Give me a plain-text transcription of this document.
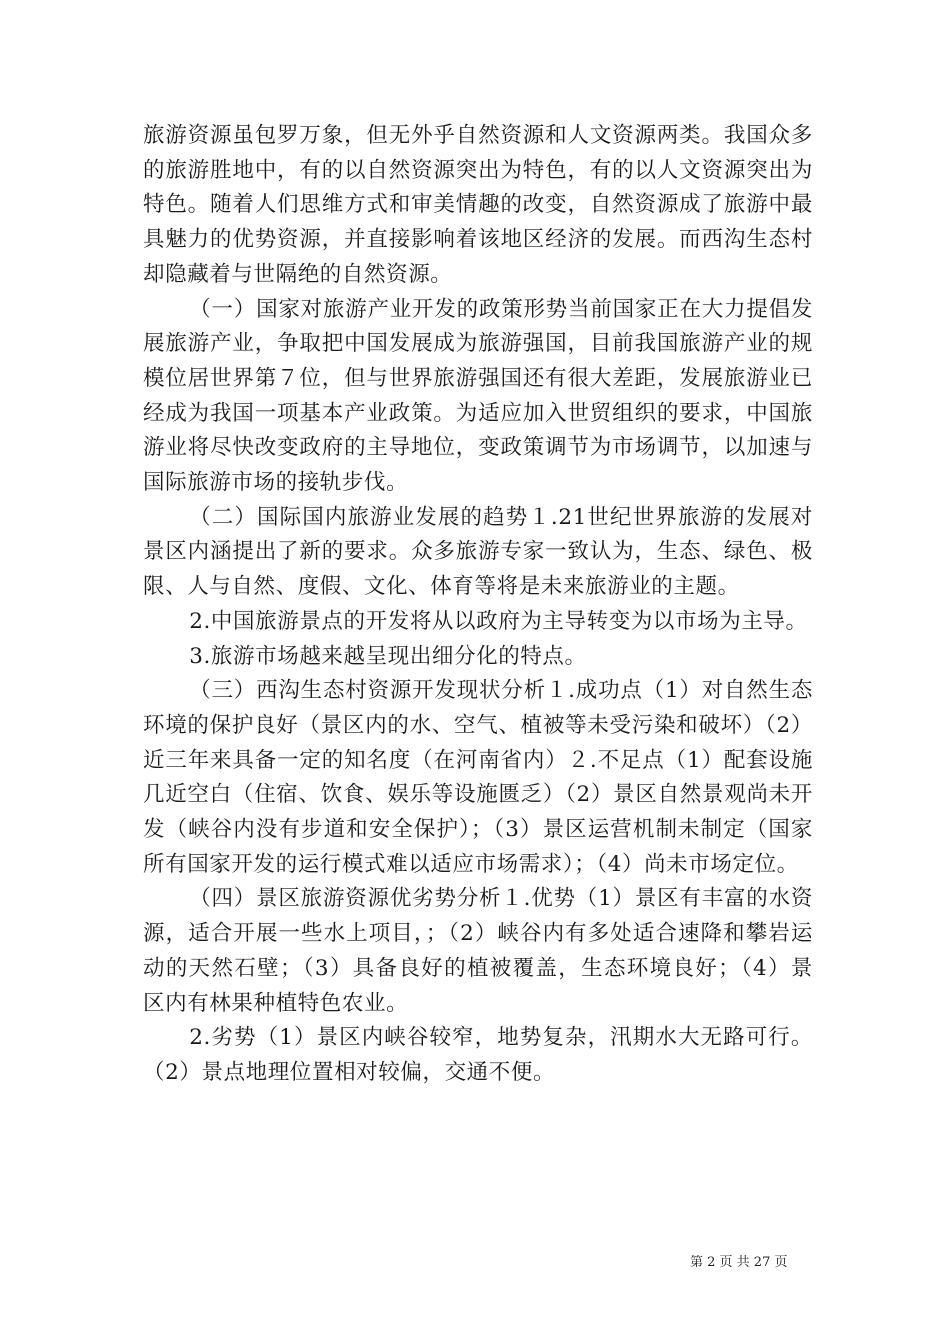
旅游资源虽包罗万象，但无外乎自然资源和人文资源两类。我国众多的旅游胜地中，有的以自然资源突出为特色，有的以人文资源突出为特色。随着人们思维方式和审美情趣的改变，自然资源成了旅游中最具魅力的优势资源，并直接影响着该地区经济的发展。而西沟生态村却隐藏着与世隔绝的自然资源。

（一）国家对旅游产业开发的政策形势当前国家正在大力提倡发展旅游产业，争取把中国发展成为旅游强国，目前我国旅游产业的规模位居世界第７位，但与世界旅游强国还有很大差距，发展旅游业已经成为我国一项基本产业政策。为适应加入世贸组织的要求，中国旅游业将尽快改变政府的主导地位，变政策调节为市场调节，以加速与国际旅游市场的接轨步伐。

（二）国际国内旅游业发展的趋势１.21世纪世界旅游的发展对景区内涵提出了新的要求。众多旅游专家一致认为，生态、绿色、极限、人与自然、度假、文化、体育等将是未来旅游业的主题。

2.中国旅游景点的开发将从以政府为主导转变为以市场为主导。

3.旅游市场越来越呈现出细分化的特点。

（三）西沟生态村资源开发现状分析１.成功点（1）对自然生态环境的保护良好（景区内的水、空气、植被等未受污染和破坏）（2）近三年来具备一定的知名度（在河南省内）２.不足点（1）配套设施几近空白（住宿、饮食、娱乐等设施匮乏）（2）景区自然景观尚未开发（峡谷内没有步道和安全保护）；（3）景区运营机制未制定（国家所有国家开发的运行模式难以适应市场需求）；（4）尚未市场定位。

（四）景区旅游资源优劣势分析１.优势（1）景区有丰富的水资源，适合开展一些水上项目，；（2）峡谷内有多处适合速降和攀岩运动的天然石壁；（3）具备良好的植被覆盖，生态环境良好；（4）景区内有林果种植特色农业。

2.劣势（1）景区内峡谷较窄，地势复杂，汛期水大无路可行。（2）景点地理位置相对较偏，交通不便。

第 2 页 共 27 页
